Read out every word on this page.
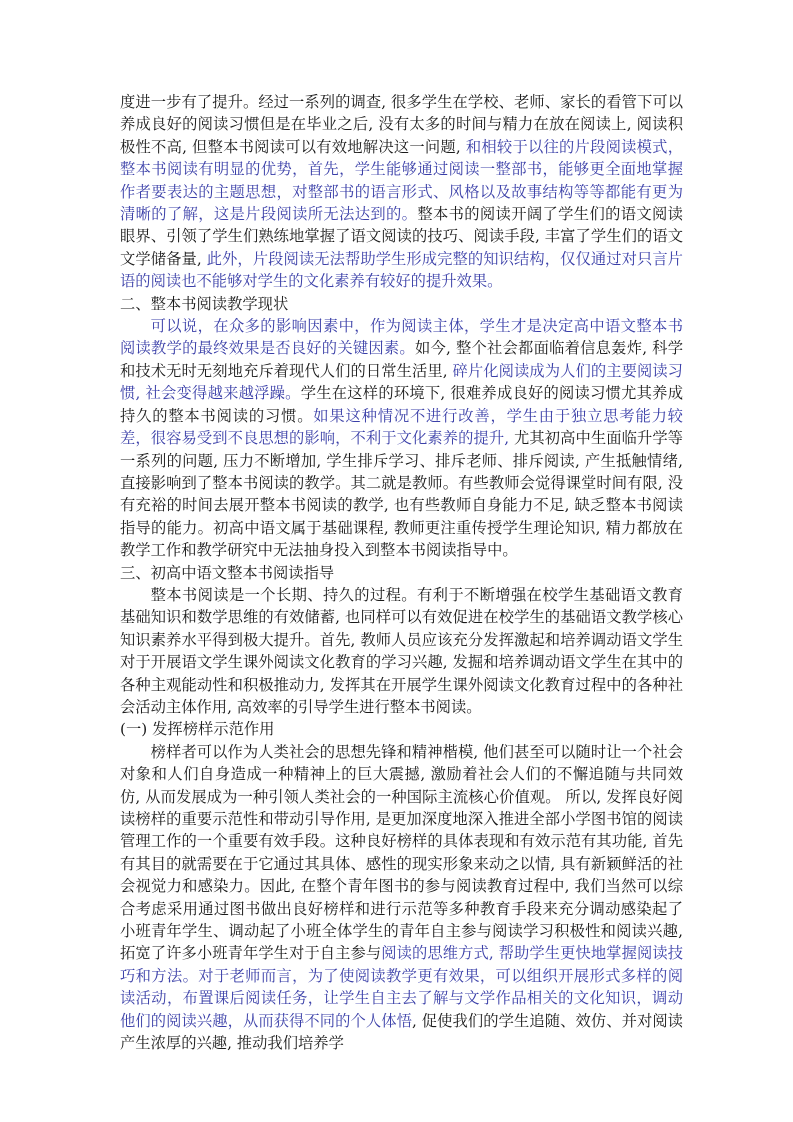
度进一步有了提升。经过一系列的调查, 很多学生在学校、老师、家长的看管下可以养成良好的阅读习惯但是在毕业之后, 没有太多的时间与精力在放在阅读上, 阅读积极性不高, 但整本书阅读可以有效地解决这一问题, 和相较于以往的片段阅读模式，整本书阅读有明显的优势，首先，学生能够通过阅读一整部书，能够更全面地掌握作者要表达的主题思想，对整部书的语言形式、风格以及故事结构等等都能有更为清晰的了解，这是片段阅读所无法达到的。整本书的阅读开阔了学生们的语文阅读眼界、引领了学生们熟练地掌握了语文阅读的技巧、阅读手段, 丰富了学生们的语文文学储备量, 此外，片段阅读无法帮助学生形成完整的知识结构，仅仅通过对只言片语的阅读也不能够对学生的文化素养有较好的提升效果。

二、整本书阅读教学现状

可以说，在众多的影响因素中，作为阅读主体，学生才是决定高中语文整本书阅读教学的最终效果是否良好的关键因素。如今, 整个社会都面临着信息轰炸, 科学和技术无时无刻地充斥着现代人们的日常生活里, 碎片化阅读成为人们的主要阅读习惯, 社会变得越来越浮躁。学生在这样的环境下, 很难养成良好的阅读习惯尤其养成持久的整本书阅读的习惯。如果这种情况不进行改善，学生由于独立思考能力较差，很容易受到不良思想的影响，不利于文化素养的提升, 尤其初高中生面临升学等一系列的问题, 压力不断增加, 学生排斥学习、排斥老师、排斥阅读, 产生抵触情绪, 直接影响到了整本书阅读的教学。其二就是教师。有些教师会觉得课堂时间有限, 没有充裕的时间去展开整本书阅读的教学, 也有些教师自身能力不足, 缺乏整本书阅读指导的能力。初高中语文属于基础课程, 教师更注重传授学生理论知识, 精力都放在教学工作和教学研究中无法抽身投入到整本书阅读指导中。

三、初高中语文整本书阅读指导

整本书阅读是一个长期、持久的过程。有利于不断增强在校学生基础语文教育基础知识和数学思维的有效储蓄, 也同样可以有效促进在校学生的基础语文教学核心知识素养水平得到极大提升。首先, 教师人员应该充分发挥激起和培养调动语文学生对于开展语文学生课外阅读文化教育的学习兴趣, 发掘和培养调动语文学生在其中的各种主观能动性和积极推动力, 发挥其在开展学生课外阅读文化教育过程中的各种社会活动主体作用, 高效率的引导学生进行整本书阅读。

(一) 发挥榜样示范作用

榜样者可以作为人类社会的思想先锋和精神楷模, 他们甚至可以随时让一个社会对象和人们自身造成一种精神上的巨大震撼, 激励着社会人们的不懈追随与共同效仿, 从而发展成为一种引领人类社会的一种国际主流核心价值观。 所以, 发挥良好阅读榜样的重要示范性和带动引导作用, 是更加深度地深入推进全部小学图书馆的阅读管理工作的一个重要有效手段。这种良好榜样的具体表现和有效示范有其功能, 首先有其目的就需要在于它通过其具体、感性的现实形象来动之以情, 具有新颖鲜活的社会视觉力和感染力。因此, 在整个青年图书的参与阅读教育过程中, 我们当然可以综合考虑采用通过图书做出良好榜样和进行示范等多种教育手段来充分调动感染起了小班青年学生、调动起了小班全体学生的青年自主参与阅读学习积极性和阅读兴趣, 拓宽了许多小班青年学生对于自主参与阅读的思维方式, 帮助学生更快地掌握阅读技巧和方法。对于老师而言，为了使阅读教学更有效果，可以组织开展形式多样的阅读活动，布置课后阅读任务，让学生自主去了解与文学作品相关的文化知识，调动他们的阅读兴趣，从而获得不同的个人体悟, 促使我们的学生追随、效仿、并对阅读产生浓厚的兴趣, 推动我们培养学
